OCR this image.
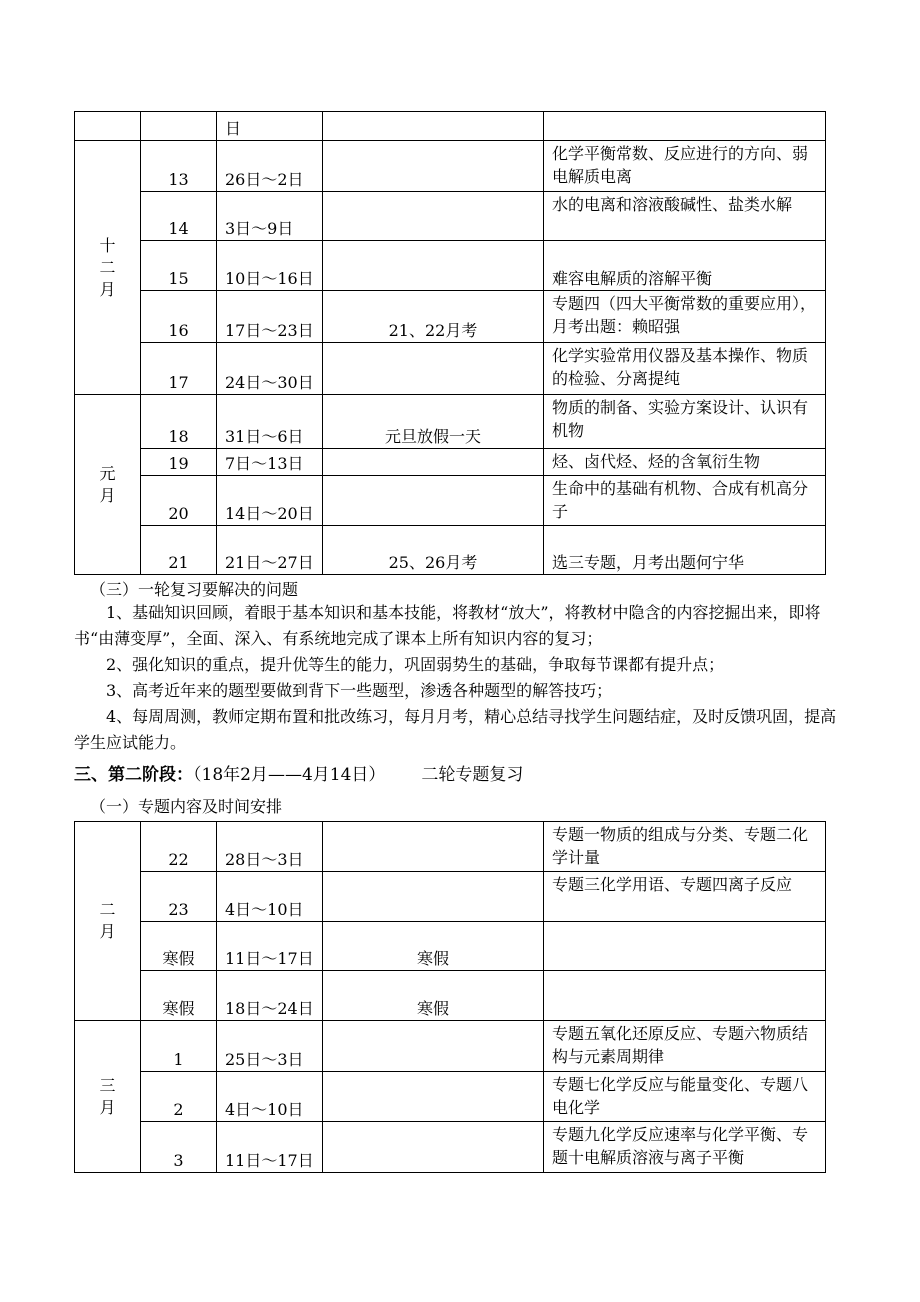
		日		
十二月	13	26日～2日		化学平衡常数、反应进行的方向、弱电解质电离
	14	3日～9日		水的电离和溶液酸碱性、盐类水解
	15	10日～16日		难容电解质的溶解平衡
	16	17日～23日	21、22月考	专题四（四大平衡常数的重要应用），月考出题：赖昭强
	17	24日～30日		化学实验常用仪器及基本操作、物质的检验、分离提纯
元月	18	31日～6日	元旦放假一天	物质的制备、实验方案设计、认识有机物
	19	7日～13日		烃、卤代烃、烃的含氧衍生物
	20	14日～20日		生命中的基础有机物、合成有机高分子
	21	21日～27日	25、26月考	选三专题，月考出题何宁华
（三）一轮复习要解决的问题
1、基础知识回顾，着眼于基本知识和基本技能，将教材“放大”，将教材中隐含的内容挖掘出来，即将书“由薄变厚”，全面、深入、有系统地完成了课本上所有知识内容的复习；
2、强化知识的重点，提升优等生的能力，巩固弱势生的基础，争取每节课都有提升点；
3、高考近年来的题型要做到背下一些题型，渗透各种题型的解答技巧；
4、每周周测，教师定期布置和批改练习，每月月考，精心总结寻找学生问题结症，及时反馈巩固，提高学生应试能力。
三、第二阶段：（18年2月——4月14日） 二轮专题复习
（一）专题内容及时间安排
二月	22	28日～3日		专题一物质的组成与分类、专题二化学计量
	23	4日～10日		专题三化学用语、专题四离子反应
	寒假	11日～17日	寒假	
	寒假	18日～24日	寒假	
三月	1	25日～3日		专题五氧化还原反应、专题六物质结构与元素周期律
	2	4日～10日		专题七化学反应与能量变化、专题八电化学
	3	11日～17日		专题九化学反应速率与化学平衡、专题十电解质溶液与离子平衡
